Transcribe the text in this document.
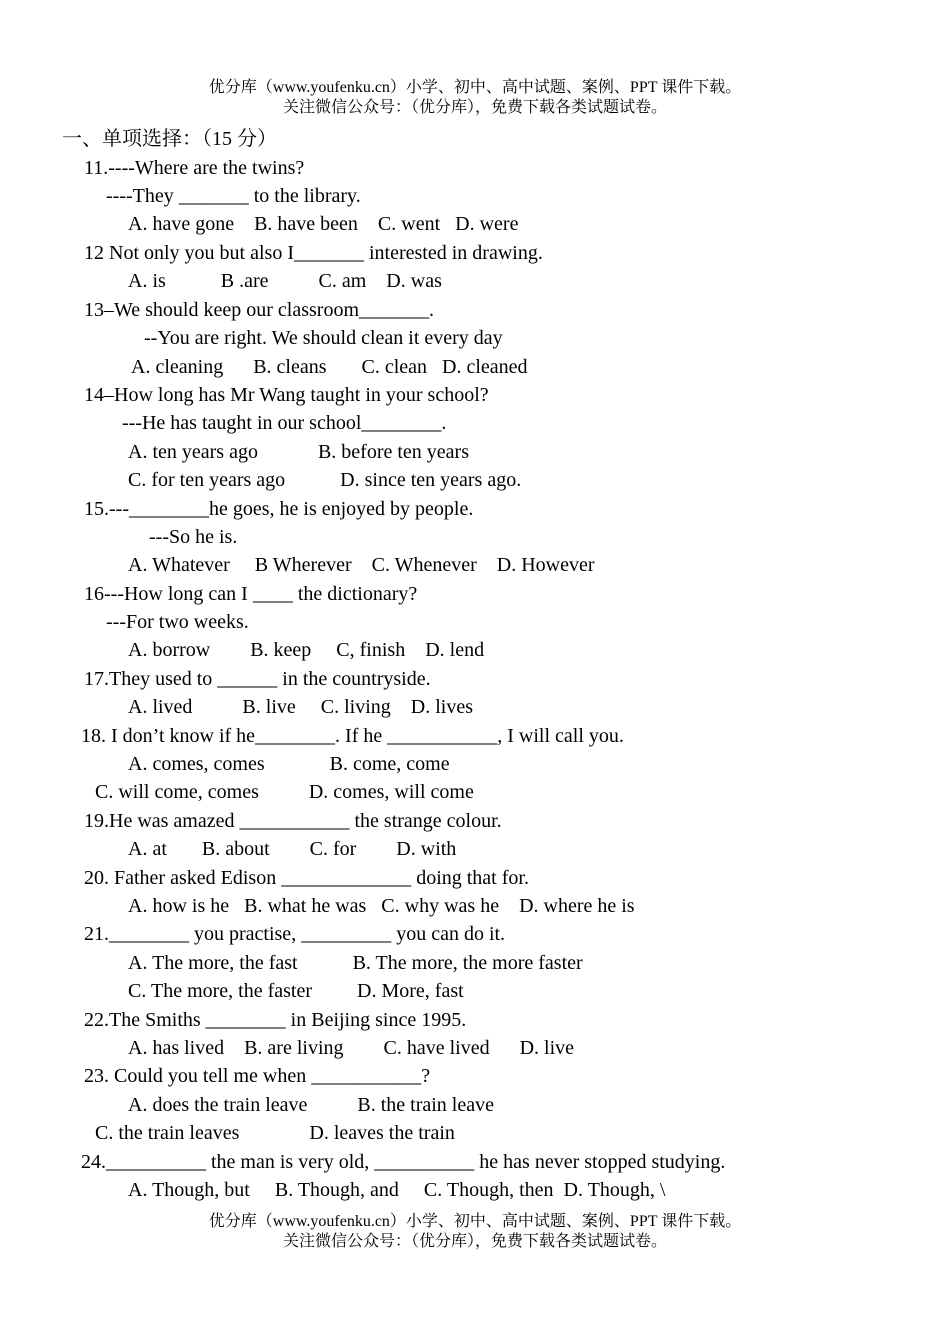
优分库（www.youfenku.cn）小学、初中、高中试题、案例、PPT 课件下载。
关注微信公众号：（优分库），免费下载各类试题试卷。
一、单项选择：（15 分）
11.----Where are the twins?
----They _______ to the library.
A. have gone    B. have been    C. went   D. were
12 Not only you but also I_______ interested in drawing.
A. is           B .are          C. am    D. was
13–We should keep our classroom_______.
--You are right. We should clean it every day
A. cleaning      B. cleans       C. clean   D. cleaned
14–How long has Mr Wang taught in your school?
---He has taught in our school________.
A. ten years ago            B. before ten years
C. for ten years ago           D. since ten years ago.
15.---________he goes, he is enjoyed by people.
---So he is.
A. Whatever     B Wherever    C. Whenever    D. However
16---How long can I ____ the dictionary?
---For two weeks.
A. borrow        B. keep     C, finish    D. lend
17.They used to ______ in the countryside.
A. lived          B. live     C. living    D. lives
18. I don’t know if he________. If he ___________, I will call you.
A. comes, comes             B. come, come
C. will come, comes          D. comes, will come
19.He was amazed ___________ the strange colour.
A. at       B. about        C. for        D. with
20. Father asked Edison _____________ doing that for.
A. how is he   B. what he was   C. why was he    D. where he is
21.________ you practise, _________ you can do it.
A. The more, the fast           B. The more, the more faster
C. The more, the faster         D. More, fast
22.The Smiths ________ in Beijing since 1995.
A. has lived    B. are living        C. have lived      D. live
23. Could you tell me when ___________?
A. does the train leave          B. the train leave
C. the train leaves              D. leaves the train
24.__________ the man is very old, __________ he has never stopped studying.
A. Though, but     B. Though, and     C. Though, then  D. Though, \
优分库（www.youfenku.cn）小学、初中、高中试题、案例、PPT 课件下载。
关注微信公众号：（优分库），免费下载各类试题试卷。
